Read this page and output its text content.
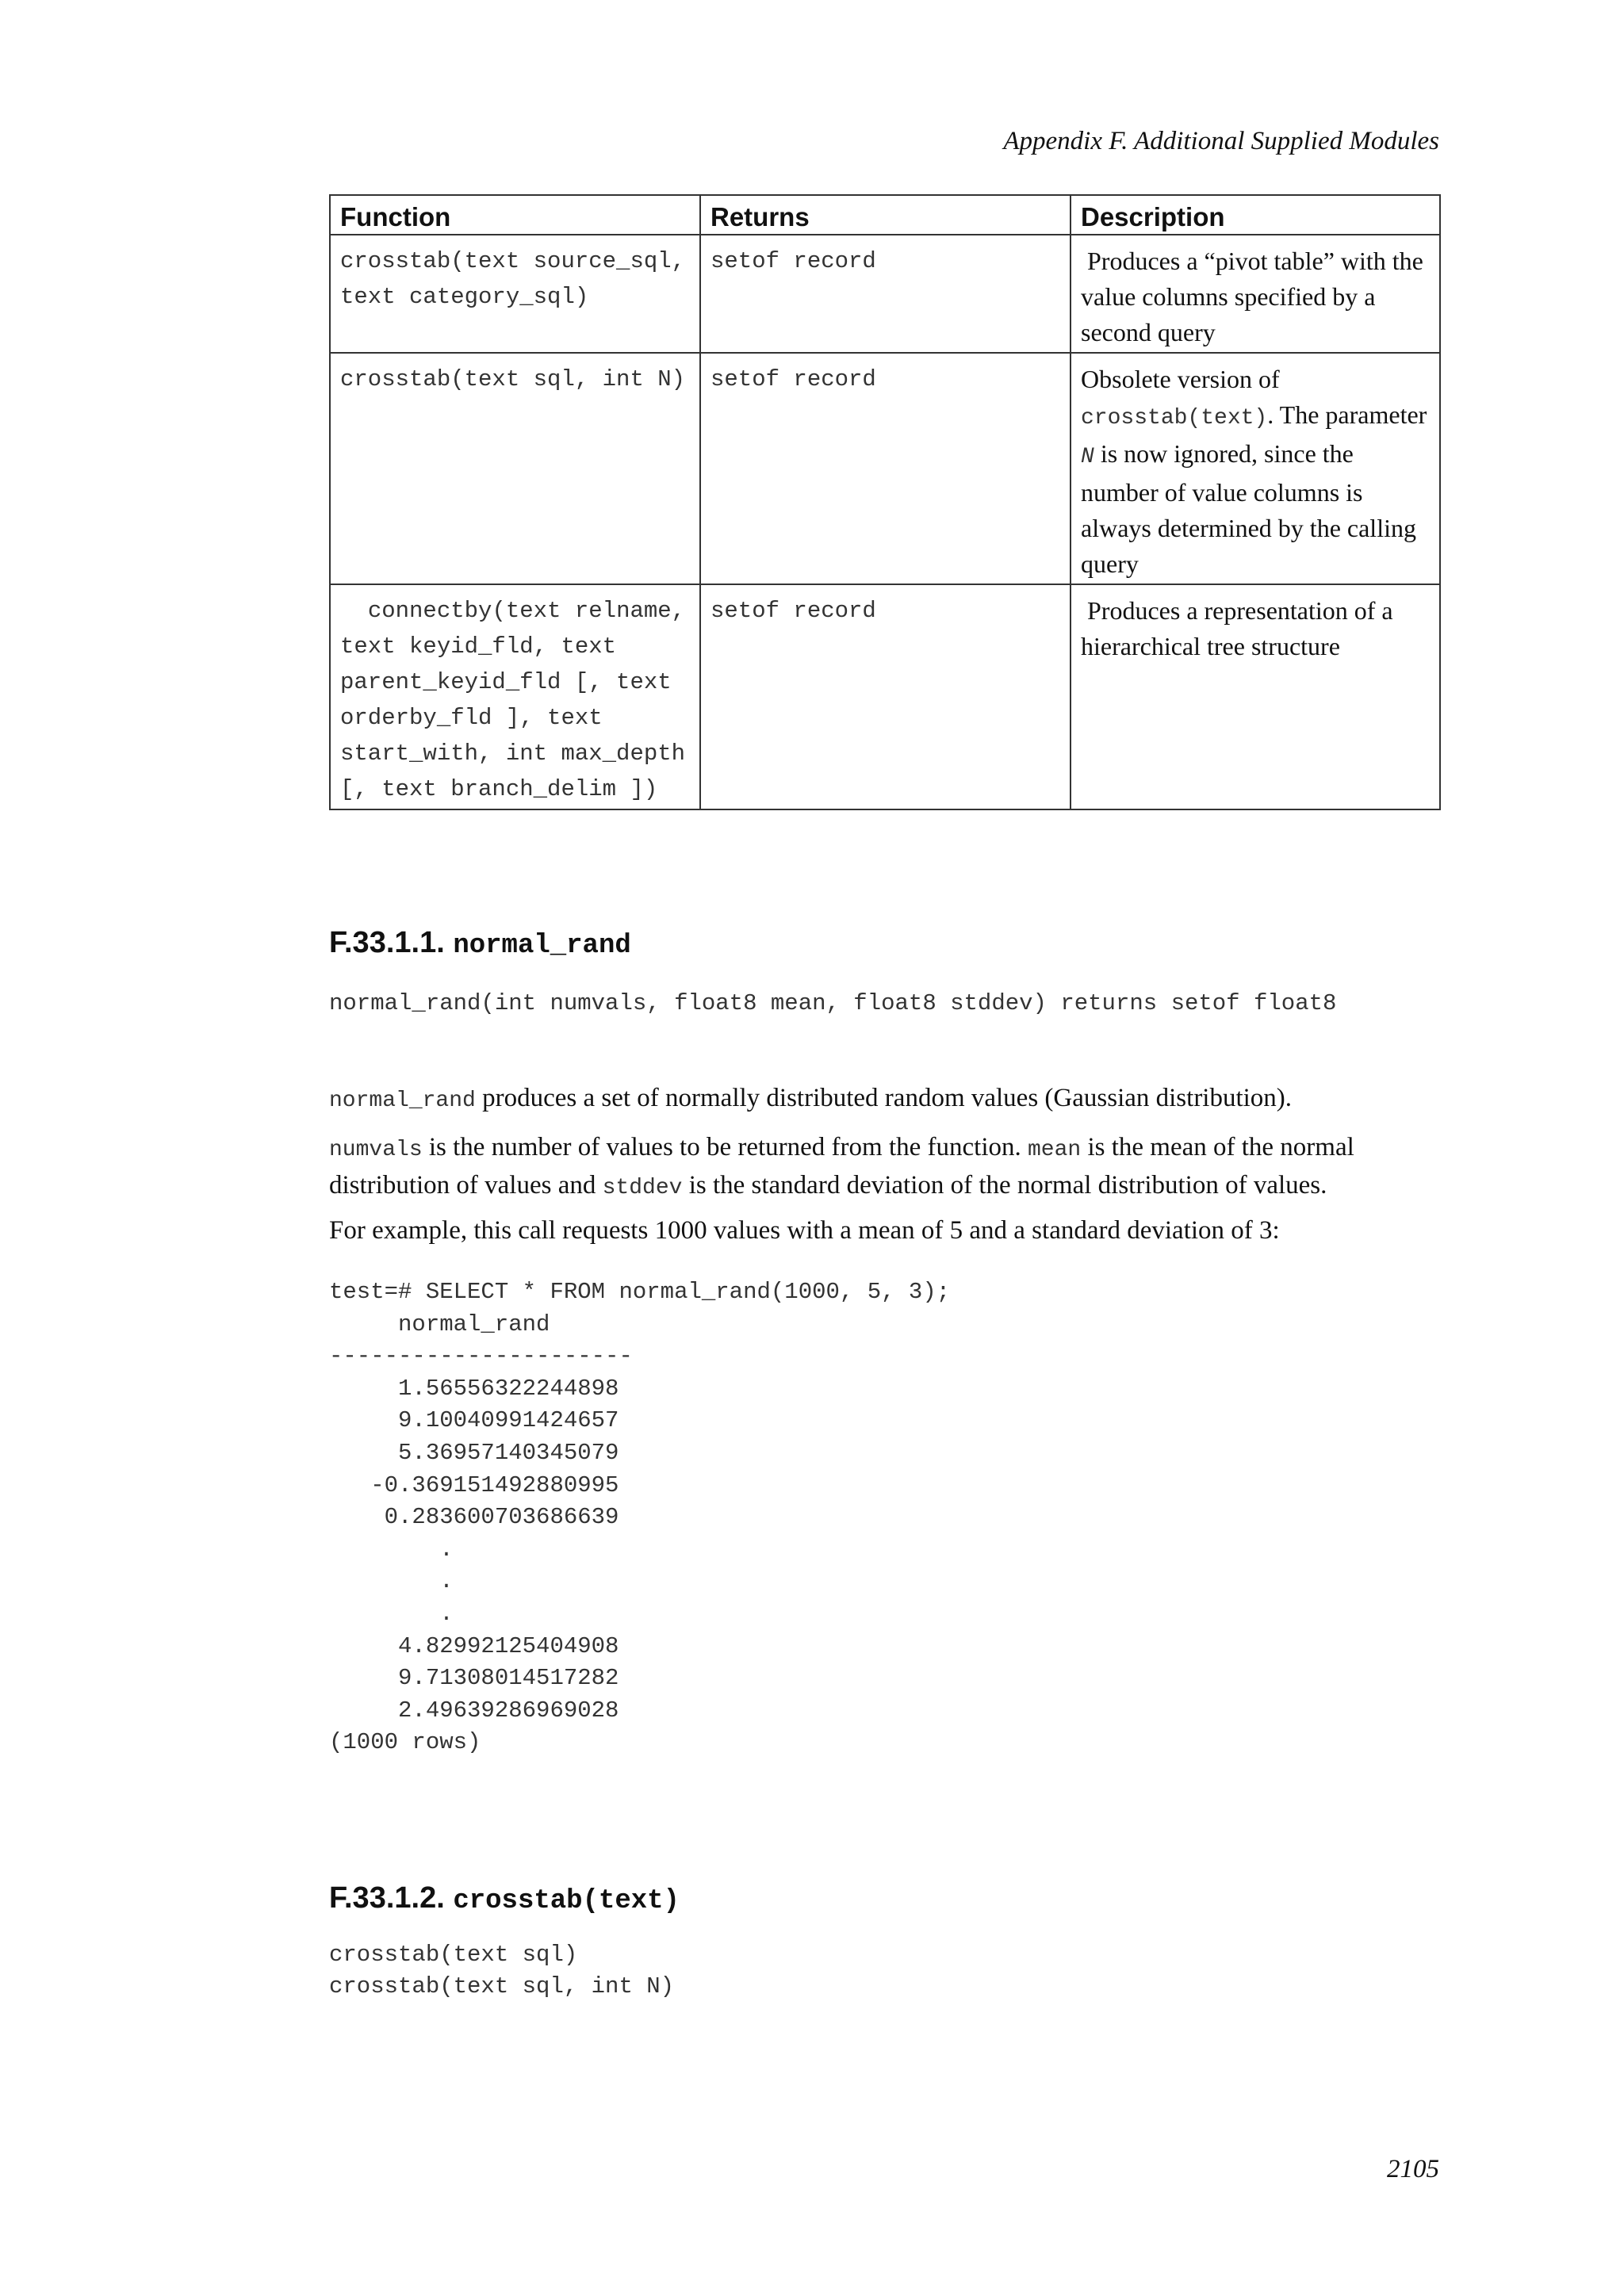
Appendix F. Additional Supplied Modules
Function	Returns	Description
crosstab(text source_sql, text category_sql)	setof record	Produces a “pivot table” with the value columns specified by a second query
crosstab(text sql, int N)	setof record	Obsolete version of crosstab(text). The parameter N is now ignored, since the number of value columns is always determined by the calling query
connectby(text relname, text keyid_fld, text parent_keyid_fld [, text orderby_fld ], text start_with, int max_depth [, text branch_delim ])	setof record	Produces a representation of a hierarchical tree structure
F.33.1.1. normal_rand
normal_rand(int numvals, float8 mean, float8 stddev) returns setof float8

normal_rand produces a set of normally distributed random values (Gaussian distribution).

numvals is the number of values to be returned from the function. mean is the mean of the normal distribution of values and stddev is the standard deviation of the normal distribution of values.

For example, this call requests 1000 values with a mean of 5 and a standard deviation of 3:

test=# SELECT * FROM normal_rand(1000, 5, 3);
normal_rand
----------------------
1.56556322244898
9.10040991424657
5.36957140345079
-0.369151492880995
0.283600703686639
.
.
.
4.82992125404908
9.71308014517282
2.49639286969028
(1000 rows)
F.33.1.2. crosstab(text)
crosstab(text sql)
crosstab(text sql, int N)
2105
